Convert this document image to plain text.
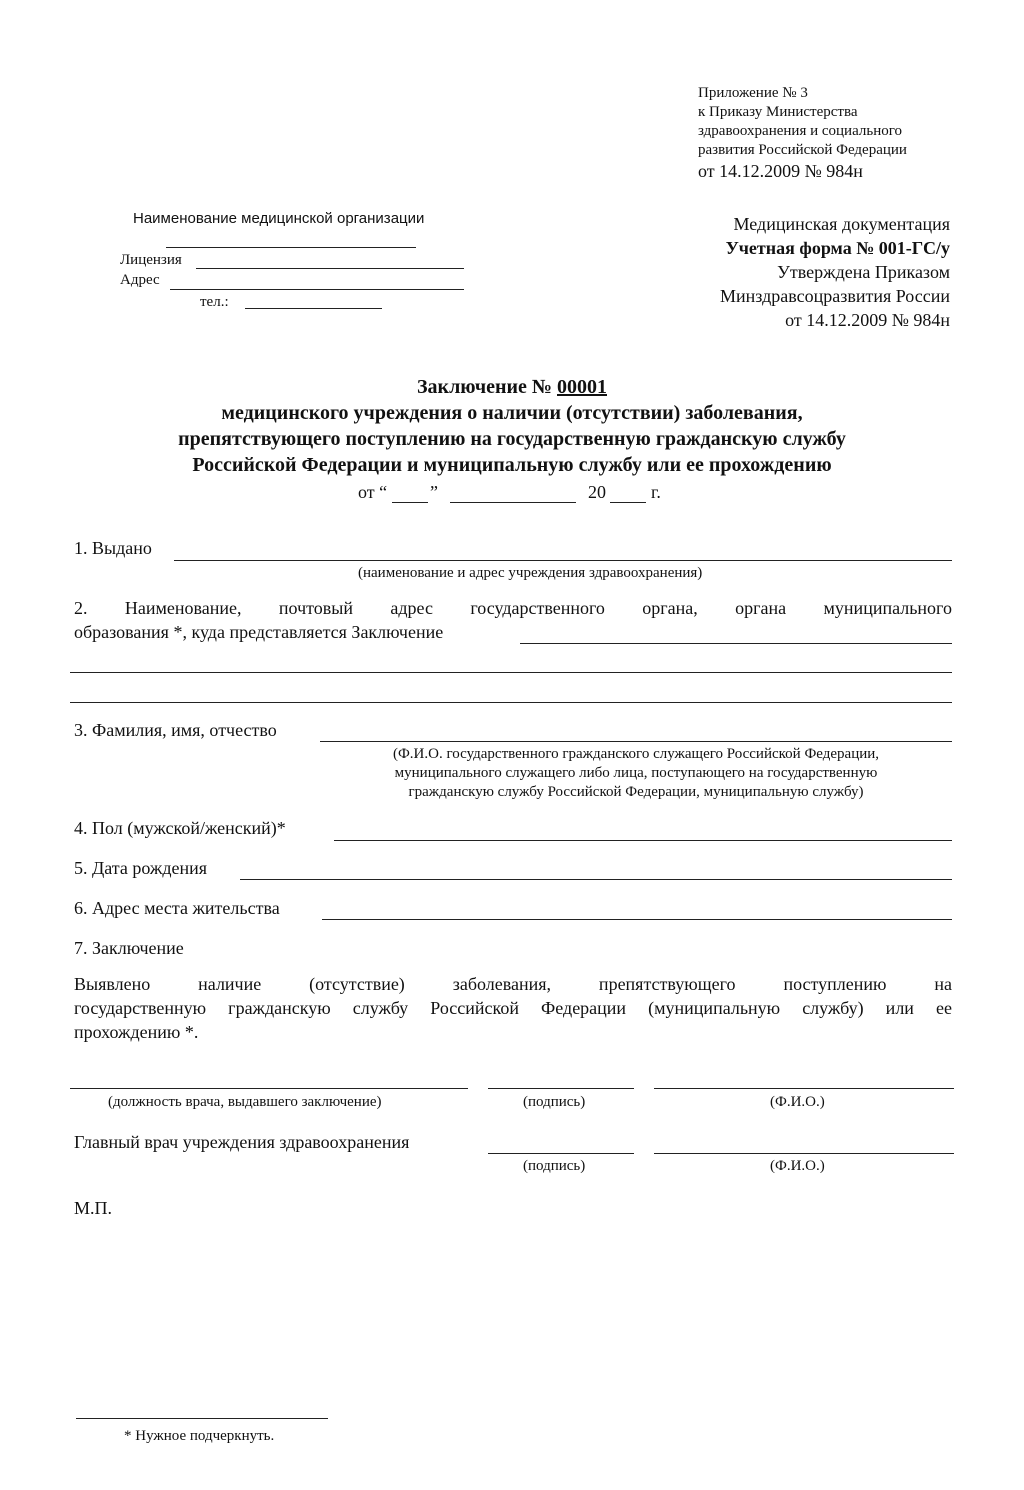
Приложение № 3
к Приказу Министерства
здравоохранения и социального
развития Российской Федерации
от 14.12.2009 № 984н
Наименование медицинской организации
Лицензия
Адрес
тел.:
Медицинская документация
Учетная форма № 001-ГС/у
Утверждена Приказом
Минздравсоцразвития России
от 14.12.2009 № 984н
Заключение № 00001
медицинского учреждения о наличии (отсутствии) заболевания,
препятствующего поступлению на государственную гражданскую службу
Российской Федерации и муниципальную службу или ее прохождению
от “ ”	20	г.
1. Выдано
(наименование и адрес учреждения здравоохранения)
2. Наименование, почтовый адрес государственного органа, органа муниципального
образования *, куда представляется Заключение
3. Фамилия, имя, отчество
(Ф.И.О. государственного гражданского служащего Российской Федерации,
муниципального служащего либо лица, поступающего на государственную
гражданскую службу Российской Федерации, муниципальную службу)
4. Пол (мужской/женский)*
5. Дата рождения
6. Адрес места жительства
7. Заключение
Выявлено наличие (отсутствие) заболевания, препятствующего поступлению на
государственную гражданскую службу Российской Федерации (муниципальную службу) или ее
прохождению *.
(должность врача, выдавшего заключение)	(подпись)	(Ф.И.О.)
Главный врач учреждения здравоохранения
(подпись)	(Ф.И.О.)
М.П.
* Нужное подчеркнуть.
